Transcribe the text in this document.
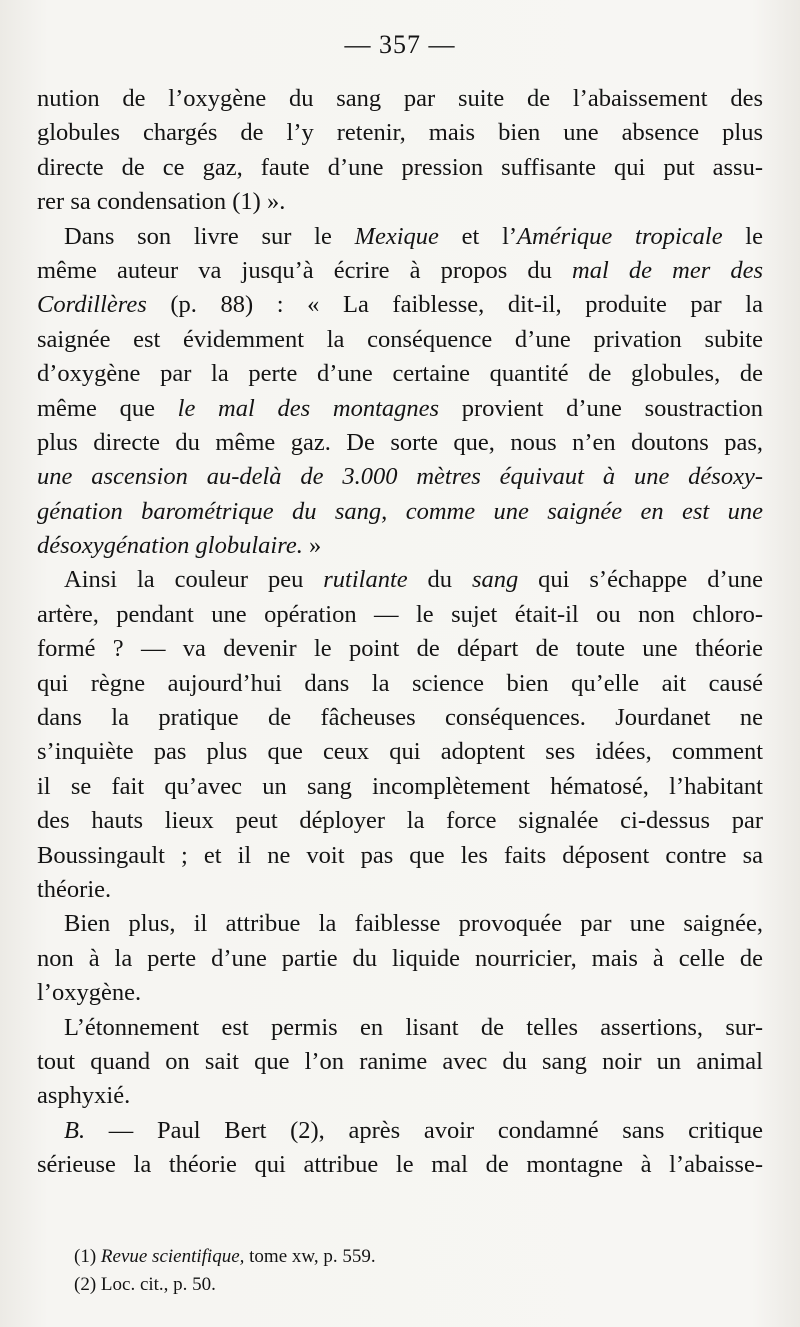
— 357 —
nution de l’oxygène du sang par suite de l’abaissement des
globules chargés de l’y retenir, mais bien une absence plus
directe de ce gaz, faute d’une pression suffisante qui put assu-
rer sa condensation (1) ».
Dans son livre sur le Mexique et l’Amérique tropicale le
même auteur va jusqu’à écrire à propos du mal de mer des
Cordillères (p. 88) : « La faiblesse, dit-il, produite par la
saignée est évidemment la conséquence d’une privation subite
d’oxygène par la perte d’une certaine quantité de globules, de
même que le mal des montagnes provient d’une soustraction
plus directe du même gaz. De sorte que, nous n’en doutons pas,
une ascension au-delà de 3.000 mètres équivaut à une désoxy-
génation barométrique du sang, comme une saignée en est une
désoxygénation globulaire. »
Ainsi la couleur peu rutilante du sang qui s’échappe d’une
artère, pendant une opération — le sujet était-il ou non chloro-
formé ? — va devenir le point de départ de toute une théorie
qui règne aujourd’hui dans la science bien qu’elle ait causé
dans la pratique de fâcheuses conséquences. Jourdanet ne
s’inquiète pas plus que ceux qui adoptent ses idées, comment
il se fait qu’avec un sang incomplètement hématosé, l’habitant
des hauts lieux peut déployer la force signalée ci-dessus par
Boussingault ; et il ne voit pas que les faits déposent contre sa
théorie.
Bien plus, il attribue la faiblesse provoquée par une saignée,
non à la perte d’une partie du liquide nourricier, mais à celle de
l’oxygène.
L’étonnement est permis en lisant de telles assertions, sur-
tout quand on sait que l’on ranime avec du sang noir un animal
asphyxié.
B. — Paul Bert (2), après avoir condamné sans critique
sérieuse la théorie qui attribue le mal de montagne à l’abaisse-
(1) Revue scientifique, tome xw, p. 559.
(2) Loc. cit., p. 50.
